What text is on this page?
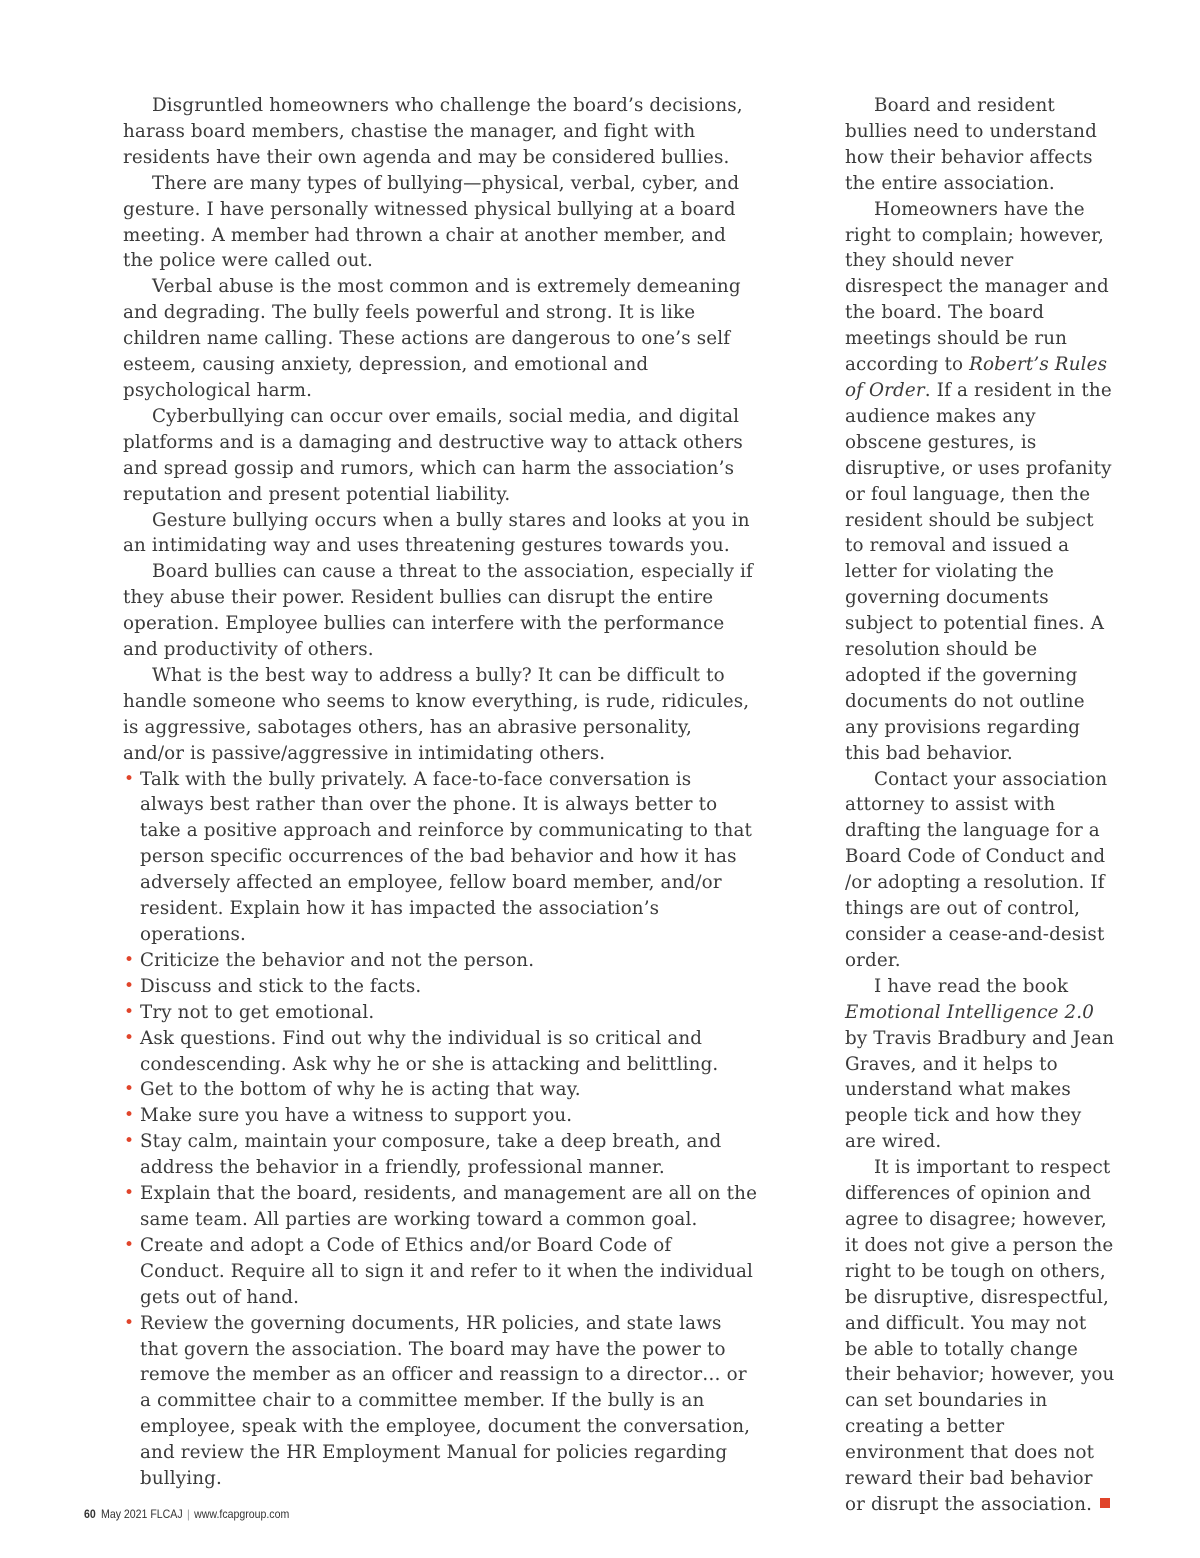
Disgruntled homeowners who challenge the board’s decisions, harass board members, chastise the manager, and fight with residents have their own agenda and may be considered bullies.

There are many types of bullying—physical, verbal, cyber, and gesture. I have personally witnessed physical bullying at a board meeting. A member had thrown a chair at another member, and the police were called out.

Verbal abuse is the most common and is extremely demeaning and degrading. The bully feels powerful and strong. It is like children name calling. These actions are dangerous to one’s self esteem, causing anxiety, depression, and emotional and psychological harm.

Cyberbullying can occur over emails, social media, and digital platforms and is a damaging and destructive way to attack others and spread gossip and rumors, which can harm the association’s reputation and present potential liability.

Gesture bullying occurs when a bully stares and looks at you in an intimidating way and uses threatening gestures towards you.

Board bullies can cause a threat to the association, especially if they abuse their power. Resident bullies can disrupt the entire operation. Employee bullies can interfere with the performance and productivity of others.

What is the best way to address a bully? It can be difficult to handle someone who seems to know everything, is rude, ridicules, is aggressive, sabotages others, has an abrasive personality, and/or is passive/aggressive in intimidating others.

• Talk with the bully privately. A face-to-face conversation is always best rather than over the phone. It is always better to take a positive approach and reinforce by communicating to that person specific occurrences of the bad behavior and how it has adversely affected an employee, fellow board member, and/or resident. Explain how it has impacted the association’s operations.
• Criticize the behavior and not the person.
• Discuss and stick to the facts.
• Try not to get emotional.
• Ask questions. Find out why the individual is so critical and condescending. Ask why he or she is attacking and belittling.
• Get to the bottom of why he is acting that way.
• Make sure you have a witness to support you.
• Stay calm, maintain your composure, take a deep breath, and address the behavior in a friendly, professional manner.
• Explain that the board, residents, and management are all on the same team. All parties are working toward a common goal.
• Create and adopt a Code of Ethics and/or Board Code of Conduct. Require all to sign it and refer to it when the individual gets out of hand.
• Review the governing documents, HR policies, and state laws that govern the association. The board may have the power to remove the member as an officer and reassign to a director… or a committee chair to a committee member. If the bully is an employee, speak with the employee, document the conversation, and review the HR Employment Manual for policies regarding bullying.

Board and resident bullies need to understand how their behavior affects the entire association.

Homeowners have the right to complain; however, they should never disrespect the manager and the board. The board meetings should be run according to Robert’s Rules of Order. If a resident in the audience makes any obscene gestures, is disruptive, or uses profanity or foul language, then the resident should be subject to removal and issued a letter for violating the governing documents subject to potential fines. A resolution should be adopted if the governing documents do not outline any provisions regarding this bad behavior.

Contact your association attorney to assist with drafting the language for a Board Code of Conduct and /or adopting a resolution. If things are out of control, consider a cease-and-desist order.

I have read the book Emotional Intelligence 2.0 by Travis Bradbury and Jean Graves, and it helps to understand what makes people tick and how they are wired.

It is important to respect differences of opinion and agree to disagree; however, it does not give a person the right to be tough on others, be disruptive, disrespectful, and difficult. You may not be able to totally change their behavior; however, you can set boundaries in creating a better environment that does not reward their bad behavior or disrupt the association.

60 May 2021 FLCAJ | www.fcapgroup.com
